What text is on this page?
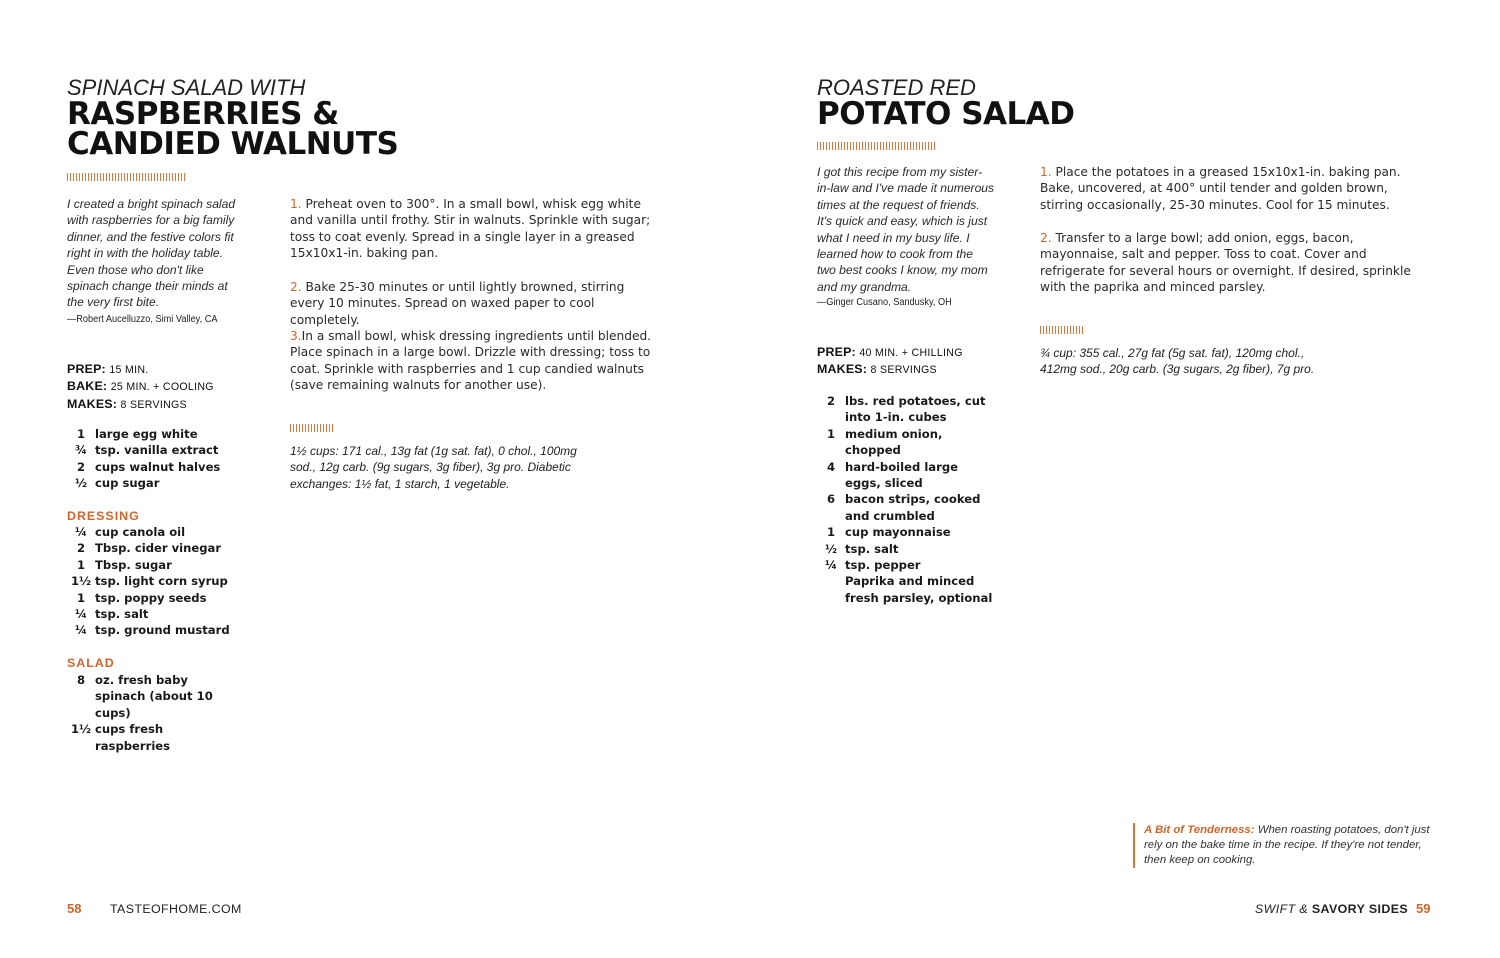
SPINACH SALAD WITH
RASPBERRIES &
CANDIED WALNUTS
I created a bright spinach salad with raspberries for a big family dinner, and the festive colors fit right in with the holiday table. Even those who don't like spinach change their minds at the very first bite.
—Robert Aucelluzzo, Simi Valley, CA
PREP: 15 MIN.
BAKE: 25 MIN. + COOLING
MAKES: 8 SERVINGS
1 large egg white
¾ tsp. vanilla extract
2 cups walnut halves
½ cup sugar
DRESSING
¼ cup canola oil
2 Tbsp. cider vinegar
1 Tbsp. sugar
1½ tsp. light corn syrup
1 tsp. poppy seeds
¼ tsp. salt
¼ tsp. ground mustard
SALAD
8 oz. fresh baby spinach (about 10 cups)
1½ cups fresh raspberries
1. Preheat oven to 300°. In a small bowl, whisk egg white and vanilla until frothy. Stir in walnuts. Sprinkle with sugar; toss to coat evenly. Spread in a single layer in a greased 15x10x1-in. baking pan.
2. Bake 25-30 minutes or until lightly browned, stirring every 10 minutes. Spread on waxed paper to cool completely.
3.In a small bowl, whisk dressing ingredients until blended. Place spinach in a large bowl. Drizzle with dressing; toss to coat. Sprinkle with raspberries and 1 cup candied walnuts (save remaining walnuts for another use).
1½ cups: 171 cal., 13g fat (1g sat. fat), 0 chol., 100mg sod., 12g carb. (9g sugars, 3g fiber), 3g pro. Diabetic exchanges: 1½ fat, 1 starch, 1 vegetable.
58 TASTEOFHOME.COM
ROASTED RED
POTATO SALAD
I got this recipe from my sister-in-law and I've made it numerous times at the request of friends. It's quick and easy, which is just what I need in my busy life. I learned how to cook from the two best cooks I know, my mom and my grandma.
—Ginger Cusano, Sandusky, OH
PREP: 40 MIN. + CHILLING
MAKES: 8 SERVINGS
2 lbs. red potatoes, cut into 1-in. cubes
1 medium onion, chopped
4 hard-boiled large eggs, sliced
6 bacon strips, cooked and crumbled
1 cup mayonnaise
½ tsp. salt
¼ tsp. pepper
Paprika and minced fresh parsley, optional
1. Place the potatoes in a greased 15x10x1-in. baking pan. Bake, uncovered, at 400° until tender and golden brown, stirring occasionally, 25-30 minutes. Cool for 15 minutes.
2. Transfer to a large bowl; add onion, eggs, bacon, mayonnaise, salt and pepper. Toss to coat. Cover and refrigerate for several hours or overnight. If desired, sprinkle with the paprika and minced parsley.
¾ cup: 355 cal., 27g fat (5g sat. fat), 120mg chol., 412mg sod., 20g carb. (3g sugars, 2g fiber), 7g pro.
A Bit of Tenderness: When roasting potatoes, don't just rely on the bake time in the recipe. If they're not tender, then keep on cooking.
SWIFT & SAVORY SIDES 59
